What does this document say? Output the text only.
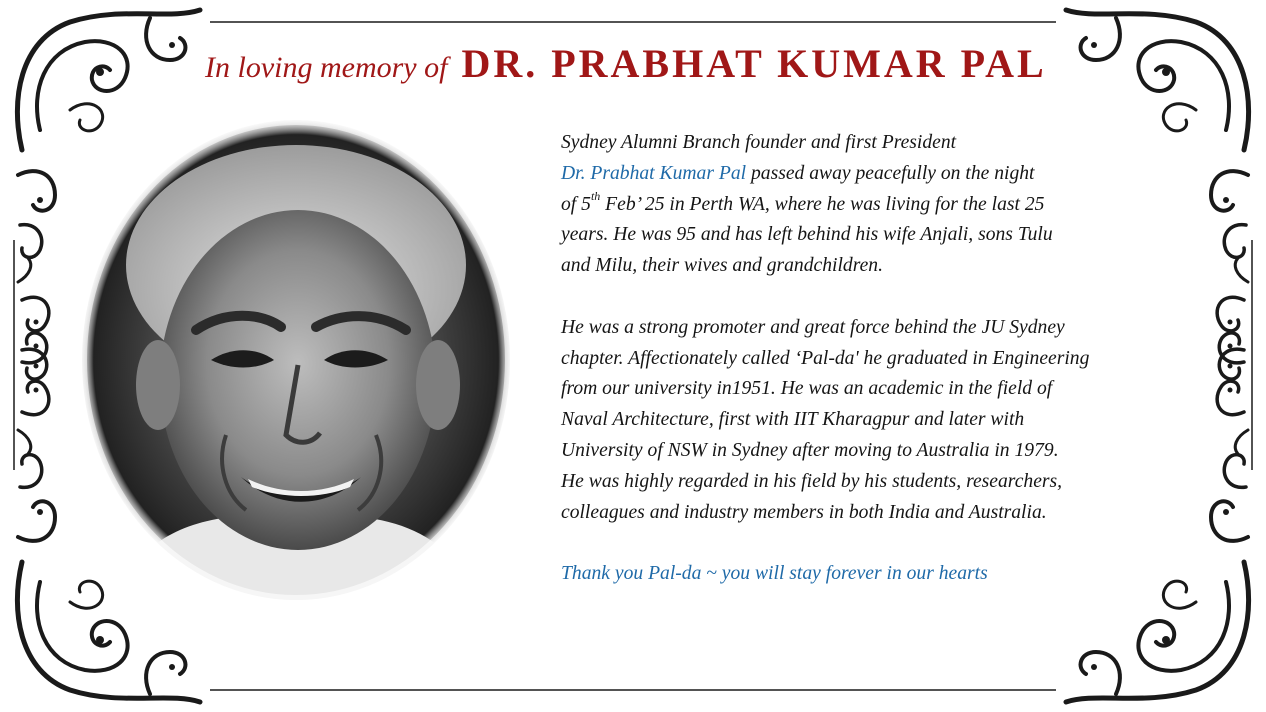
In loving memory of DR. PRABHAT KUMAR PAL
Sydney Alumni Branch founder and first President
Dr. Prabhat Kumar Pal passed away peacefully on the night
of 5th Feb’ 25 in Perth WA, where he was living for the last 25
years. He was 95 and has left behind his wife Anjali, sons Tulu
and Milu, their wives and grandchildren.
He was a strong promoter and great force behind the JU Sydney
chapter. Affectionately called ‘Pal-da' he graduated in Engineering
from our university in1951. He was an academic in the field of
Naval Architecture, first with IIT Kharagpur and later with
University of NSW in Sydney after moving to Australia in 1979.
He was highly regarded in his field by his students, researchers,
colleagues and industry members in both India and Australia.
Thank you Pal-da ~ you will stay forever in our hearts
